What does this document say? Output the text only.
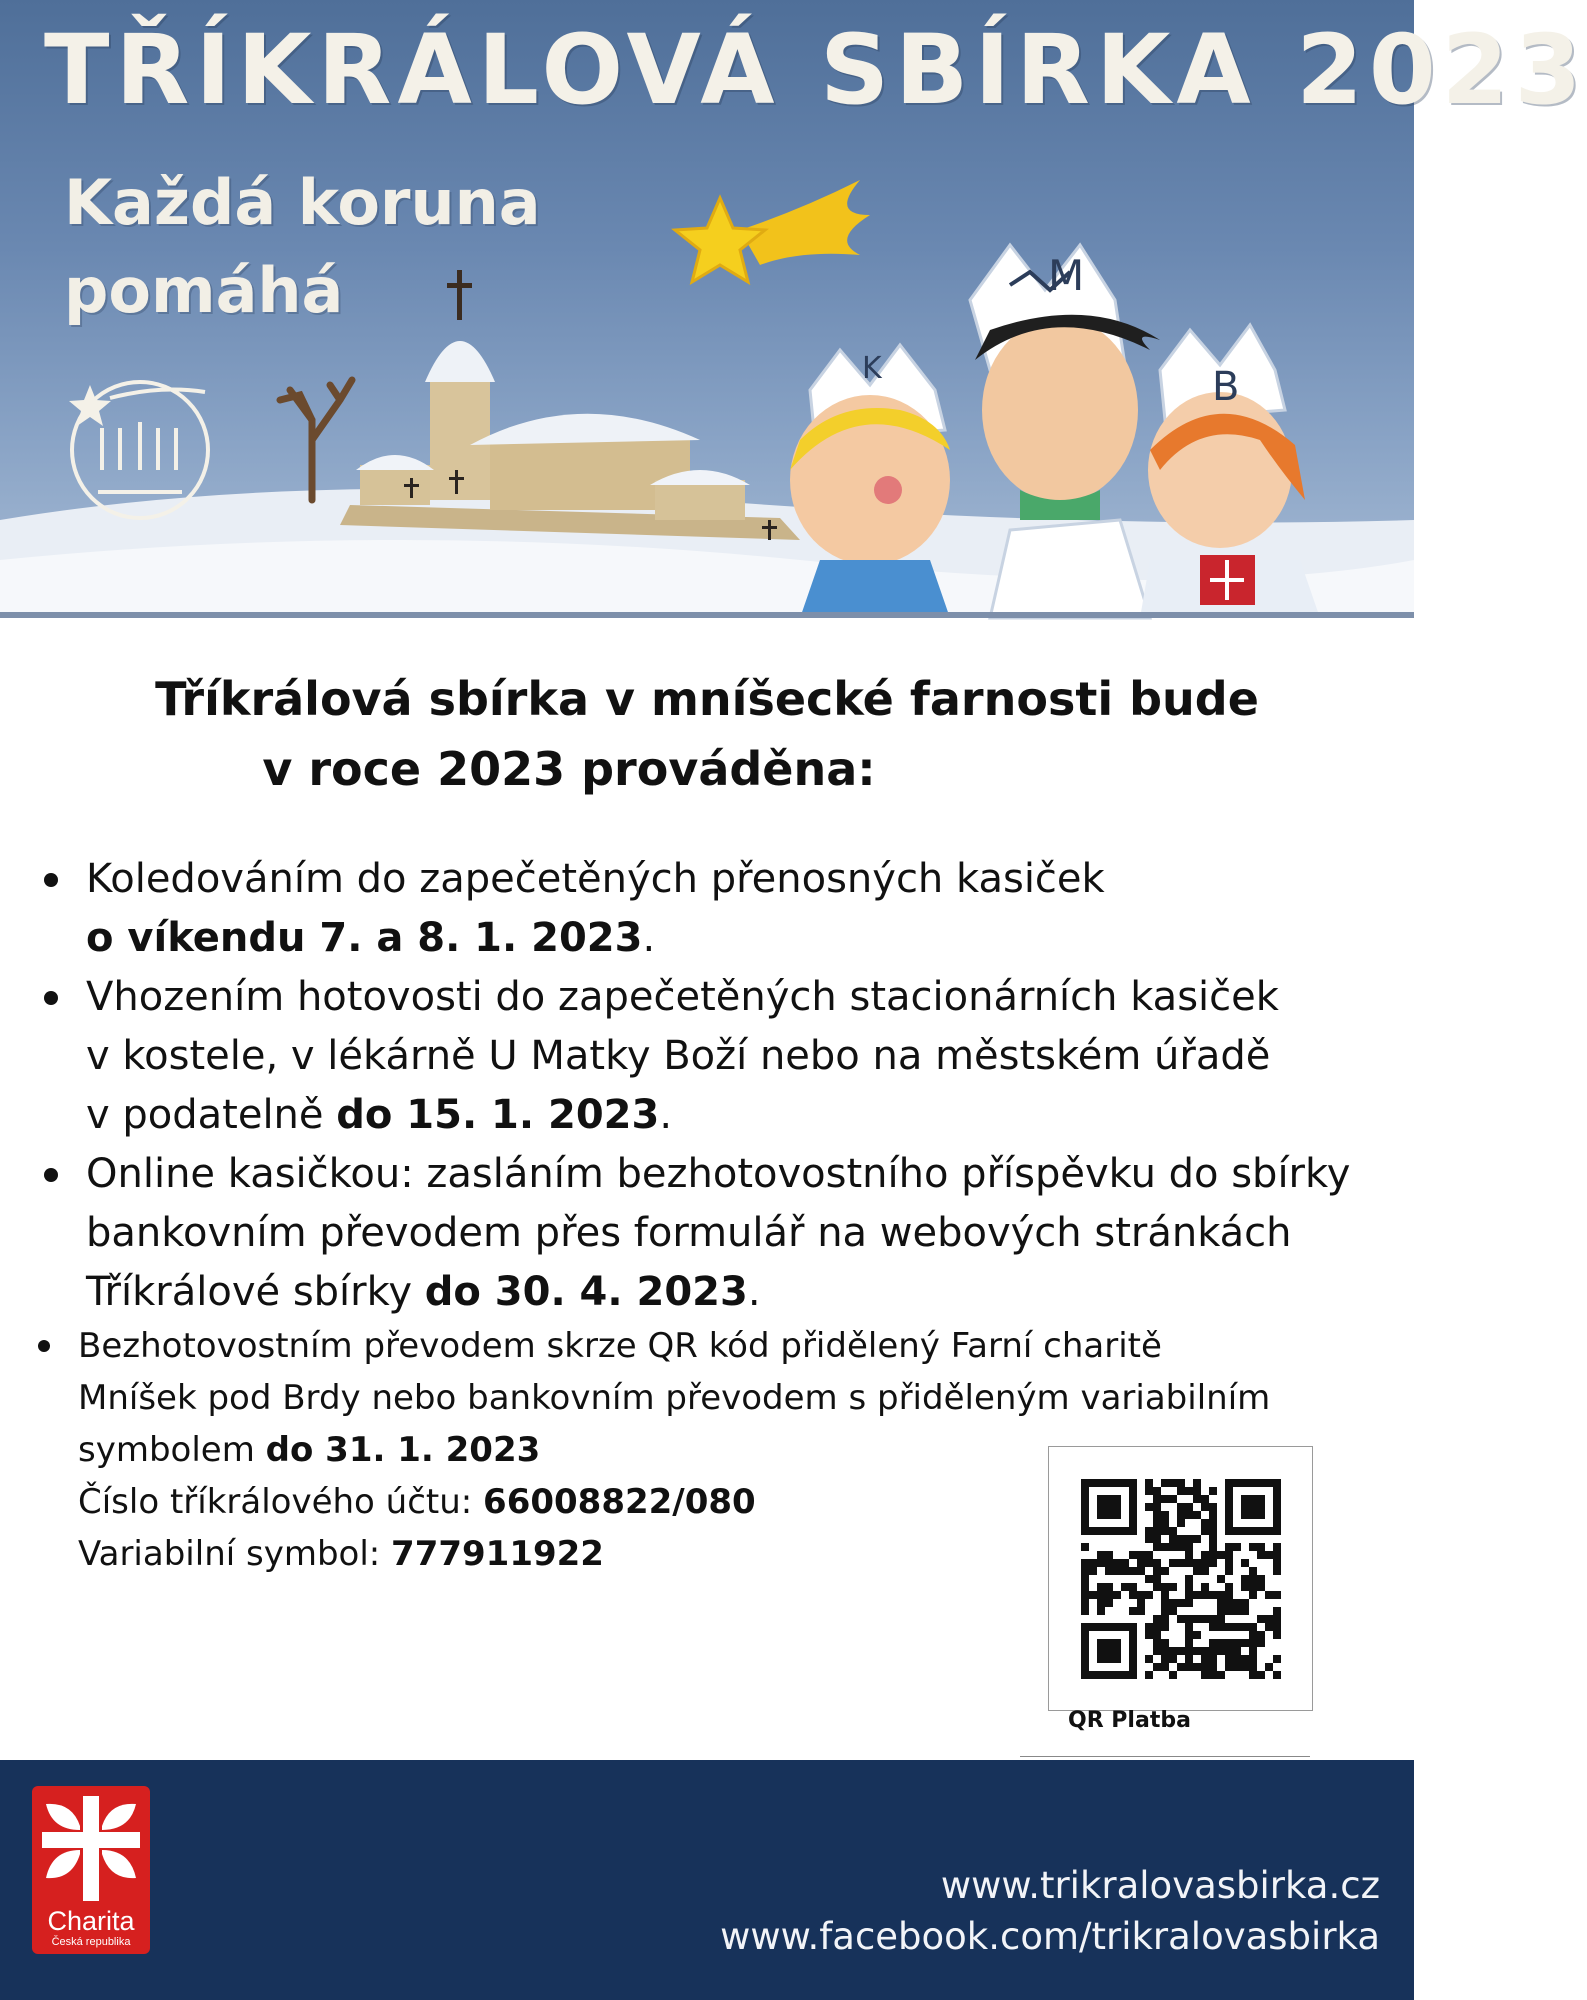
K
M
B
TŘÍKRÁLOVÁ SBÍRKA 2023
Každá koruna
pomáhá
Tříkrálová sbírka v mníšecké farnosti bude
v roce 2023 prováděna:
Koledováním do zapečetěných přenosných kasiček
o víkendu 7. a 8. 1. 2023.
Vhozením hotovosti do zapečetěných stacionárních kasiček
v kostele, v lékárně U Matky Boží nebo na městském úřadě
v podatelně do 15. 1. 2023.
Online kasičkou: zasláním bezhotovostního příspěvku do sbírky
bankovním převodem přes formulář na webových stránkách
Tříkrálové sbírky do 30. 4. 2023.
Bezhotovostním převodem skrze QR kód přidělený Farní charitě
Mníšek pod Brdy nebo bankovním převodem s přiděleným variabilním
symbolem do 31. 1. 2023
Číslo tříkrálového účtu: 66008822/080
Variabilní symbol: 777911922
QR Platba
Charita
Česká republika
www.trikralovasbirka.cz
www.facebook.com/trikralovasbirka
